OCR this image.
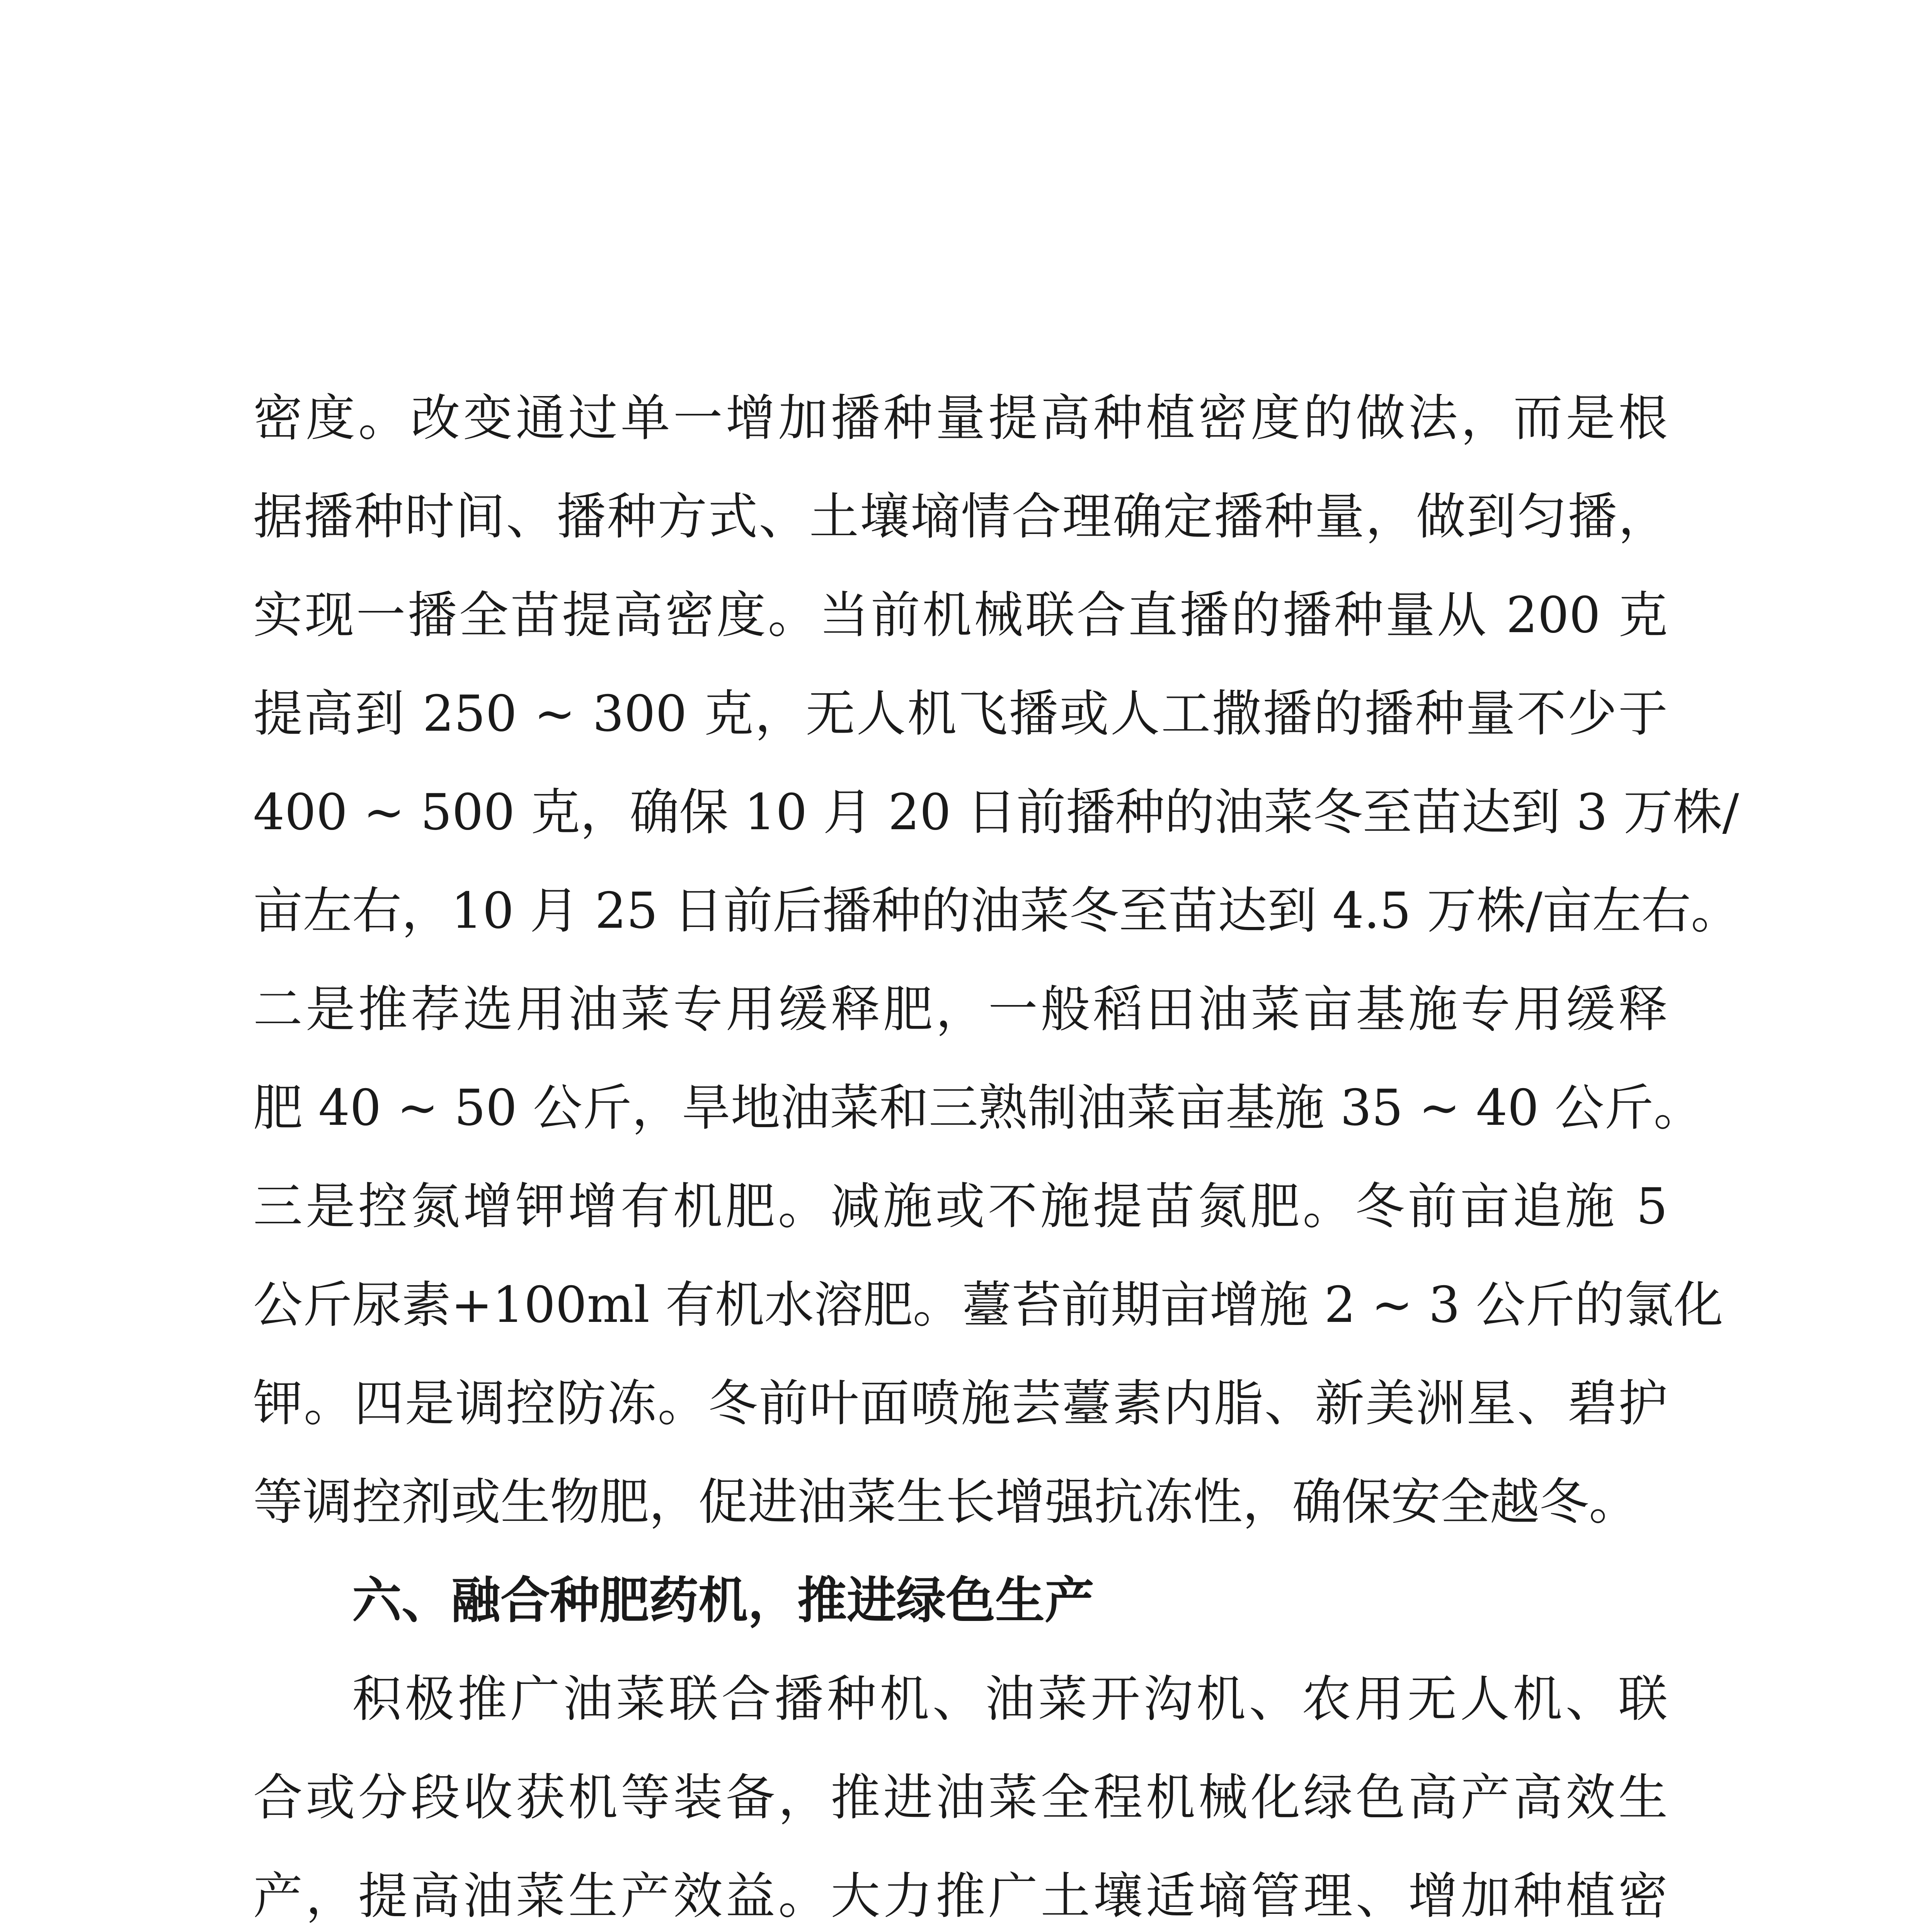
密度。改变通过单一增加播种量提高种植密度的做法，而是根
据播种时间、播种方式、土壤墒情合理确定播种量，做到匀播，
实现一播全苗提高密度。当前机械联合直播的播种量从 200 克
提高到 250 ~ 300 克，无人机飞播或人工撒播的播种量不少于
400 ~ 500 克，确保 10 月 20 日前播种的油菜冬至苗达到 3 万株/
亩左右，10 月 25 日前后播种的油菜冬至苗达到 4.5 万株/亩左右。
二是推荐选用油菜专用缓释肥，一般稻田油菜亩基施专用缓释
肥 40 ~ 50 公斤，旱地油菜和三熟制油菜亩基施 35 ~ 40 公斤。
三是控氮增钾增有机肥。减施或不施提苗氮肥。冬前亩追施 5
公斤尿素+100ml 有机水溶肥。薹苔前期亩增施 2 ~ 3 公斤的氯化
钾。四是调控防冻。冬前叶面喷施芸薹素内脂、新美洲星、碧护
等调控剂或生物肥，促进油菜生长增强抗冻性，确保安全越冬。
六、融合种肥药机，推进绿色生产
积极推广油菜联合播种机、油菜开沟机、农用无人机、联
合或分段收获机等装备，推进油菜全程机械化绿色高产高效生
产，提高油菜生产效益。大力推广土壤适墒管理、增加种植密
